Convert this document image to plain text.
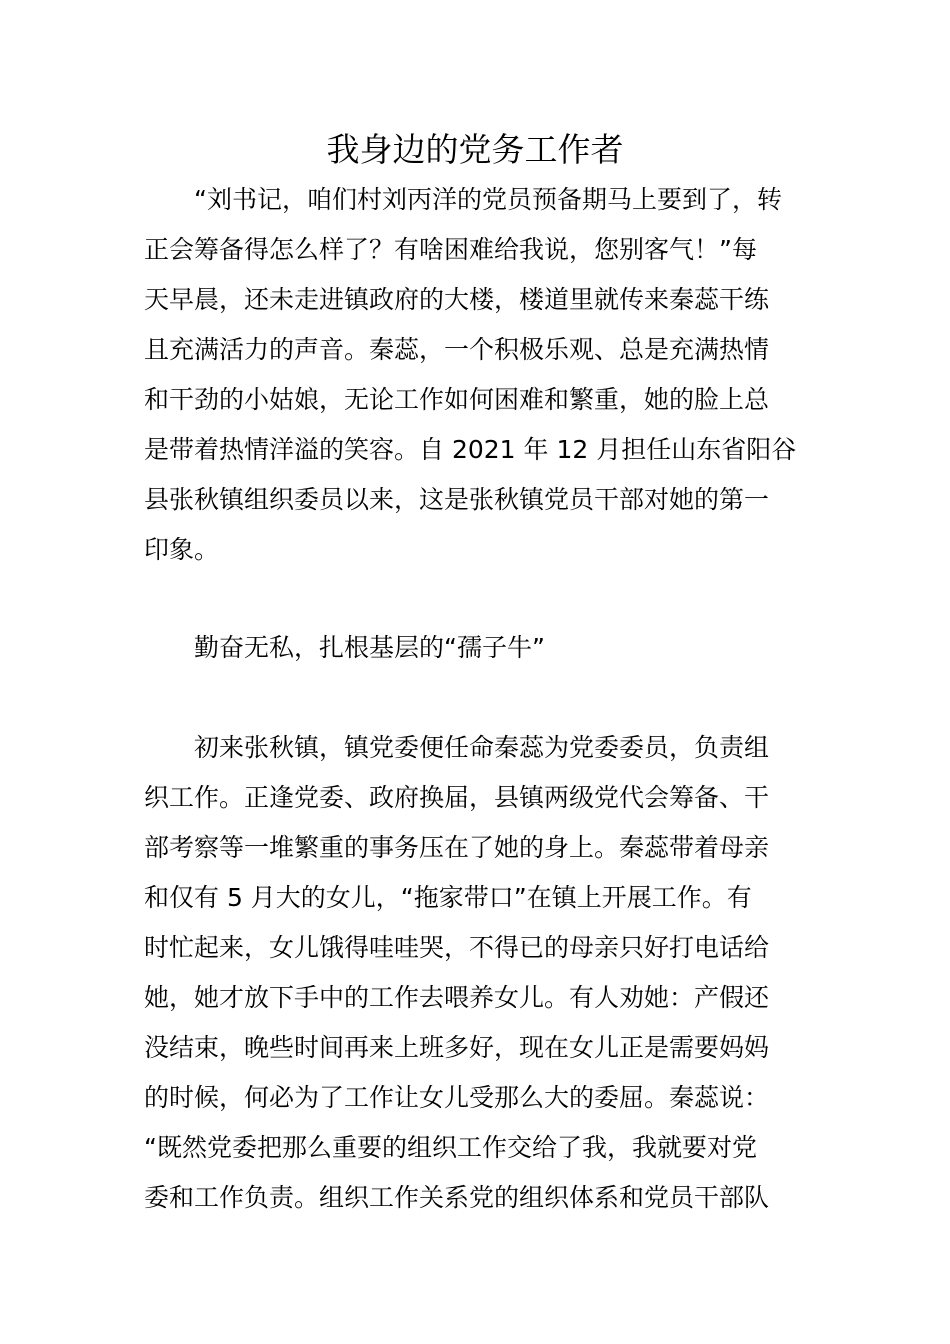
我身边的党务工作者
“刘书记，咱们村刘丙洋的党员预备期马上要到了，转
正会筹备得怎么样了？有啥困难给我说，您别客气！”每
天早晨，还未走进镇政府的大楼，楼道里就传来秦蕊干练
且充满活力的声音。秦蕊，一个积极乐观、总是充满热情
和干劲的小姑娘，无论工作如何困难和繁重，她的脸上总
是带着热情洋溢的笑容。自 2021 年 12 月担任山东省阳谷
县张秋镇组织委员以来，这是张秋镇党员干部对她的第一
印象。
勤奋无私，扎根基层的“孺子牛”
初来张秋镇，镇党委便任命秦蕊为党委委员，负责组
织工作。正逢党委、政府换届，县镇两级党代会筹备、干
部考察等一堆繁重的事务压在了她的身上。秦蕊带着母亲
和仅有 5 月大的女儿，“拖家带口”在镇上开展工作。有
时忙起来，女儿饿得哇哇哭，不得已的母亲只好打电话给
她，她才放下手中的工作去喂养女儿。有人劝她：产假还
没结束，晚些时间再来上班多好，现在女儿正是需要妈妈
的时候，何必为了工作让女儿受那么大的委屈。秦蕊说：
“既然党委把那么重要的组织工作交给了我，我就要对党
委和工作负责。组织工作关系党的组织体系和党员干部队
